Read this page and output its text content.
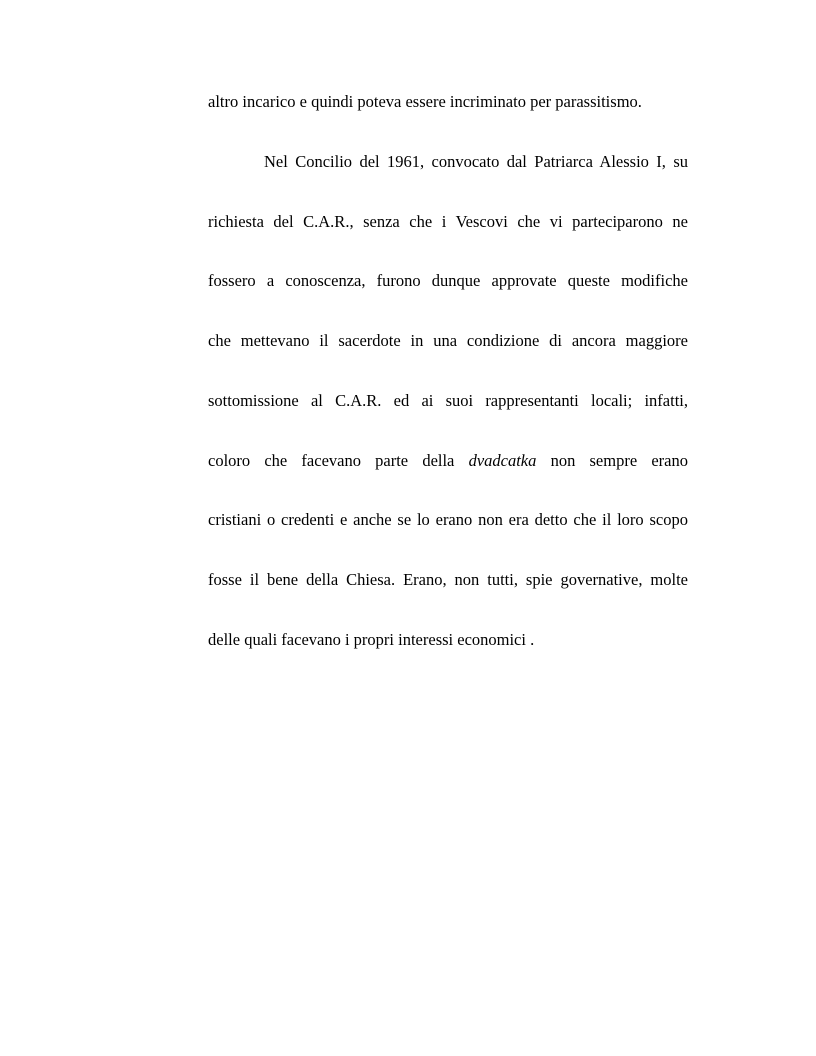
altro incarico e quindi poteva essere incriminato per parassitismo.
Nel Concilio del 1961, convocato dal Patriarca Alessio I, su
richiesta del C.A.R., senza che i Vescovi che vi parteciparono ne
fossero a conoscenza, furono dunque approvate queste modifiche
che mettevano il sacerdote in una condizione di ancora maggiore
sottomissione al C.A.R. ed ai suoi rappresentanti locali; infatti,
coloro che facevano parte della dvadcatka non sempre erano
cristiani o credenti e anche se lo erano non era detto che il loro scopo
fosse il bene della Chiesa. Erano, non tutti, spie governative, molte
delle quali facevano i propri interessi economici .
